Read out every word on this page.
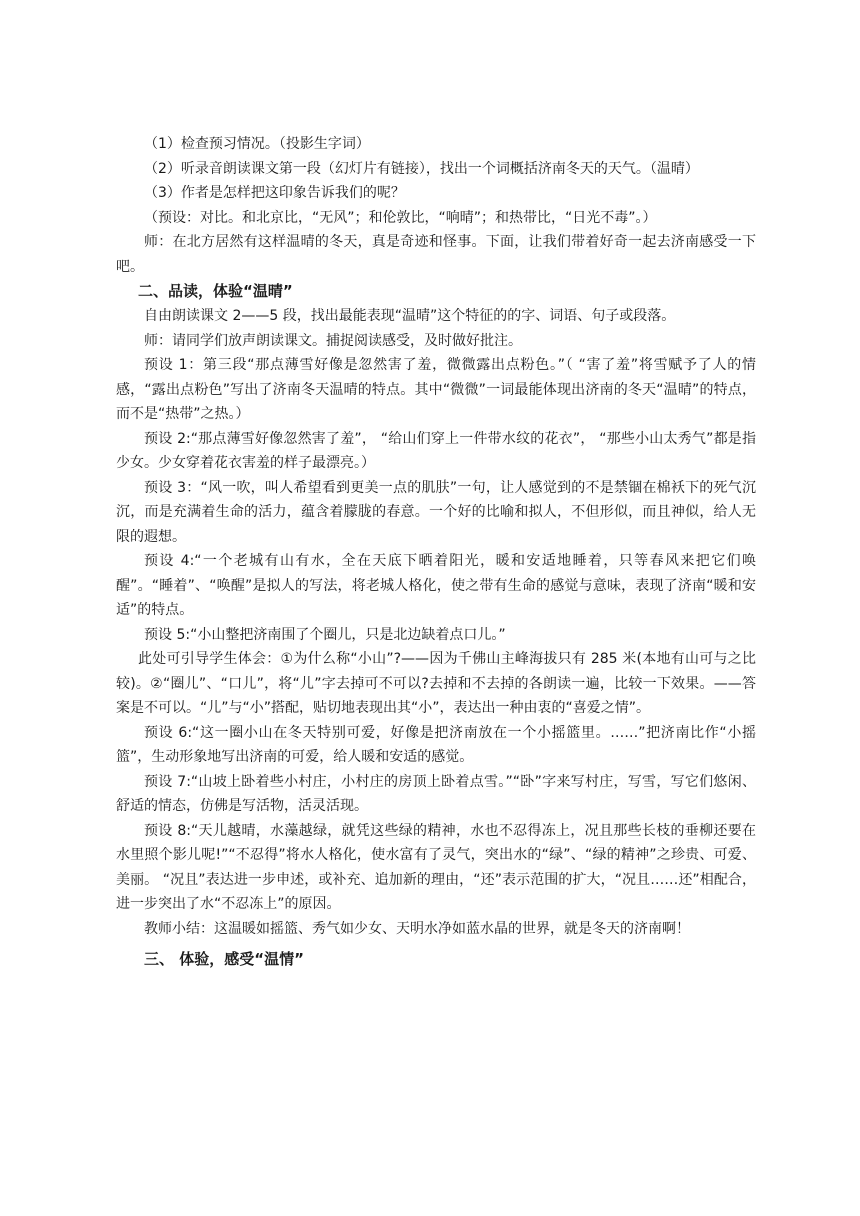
（1）检查预习情况。（投影生字词）

（2）听录音朗读课文第一段（幻灯片有链接），找出一个词概括济南冬天的天气。（温晴）

（3）作者是怎样把这印象告诉我们的呢？

（预设：对比。和北京比，“无风”；和伦敦比，“响晴”；和热带比，“日光不毒”。）

师：在北方居然有这样温晴的冬天，真是奇迹和怪事。下面，让我们带着好奇一起去济南感受一下吧。

二、品读，体验“温晴”

自由朗读课文 2——5 段，找出最能表现“温晴”这个特征的的字、词语、句子或段落。

师：请同学们放声朗读课文。捕捉阅读感受，及时做好批注。

预设 1：第三段“那点薄雪好像是忽然害了羞，微微露出点粉色。”（ “害了羞”将雪赋予了人的情感，“露出点粉色”写出了济南冬天温晴的特点。其中“微微”一词最能体现出济南的冬天“温晴”的特点，而不是“热带”之热。）

预设 2:“那点薄雪好像忽然害了羞”， “给山们穿上一件带水纹的花衣”， “那些小山太秀气”都是指少女。少女穿着花衣害羞的样子最漂亮。）

预设 3：“风一吹，叫人希望看到更美一点的肌肤”一句，让人感觉到的不是禁锢在棉袄下的死气沉沉，而是充满着生命的活力，蕴含着朦胧的春意。一个好的比喻和拟人，不但形似，而且神似，给人无限的遐想。

预设 4:“一个老城有山有水，全在天底下晒着阳光，暖和安适地睡着，只等春风来把它们唤醒”。“睡着”、“唤醒”是拟人的写法，将老城人格化，使之带有生命的感觉与意味，表现了济南“暖和安适”的特点。

预设 5:“小山整把济南围了个圈儿，只是北边缺着点口儿。”

此处可引导学生体会：①为什么称“小山”?——因为千佛山主峰海拔只有 285 米(本地有山可与之比较)。②“圈儿”、“口儿”，将“儿”字去掉可不可以?去掉和不去掉的各朗读一遍，比较一下效果。——答案是不可以。“儿”与“小”搭配，贴切地表现出其“小”，表达出一种由衷的“喜爱之情”。

预设 6:“这一圈小山在冬天特别可爱，好像是把济南放在一个小摇篮里。……”把济南比作“小摇篮”，生动形象地写出济南的可爱，给人暖和安适的感觉。

预设 7:“山坡上卧着些小村庄，小村庄的房顶上卧着点雪。”“卧”字来写村庄，写雪，写它们悠闲、舒适的情态，仿佛是写活物，活灵活现。

预设 8:“天儿越晴，水藻越绿，就凭这些绿的精神，水也不忍得冻上，况且那些长枝的垂柳还要在水里照个影儿呢!”“不忍得”将水人格化，使水富有了灵气，突出水的“绿”、“绿的精神”之珍贵、可爱、美丽。 “况且”表达进一步申述，或补充、追加新的理由，“还”表示范围的扩大，“况且……还”相配合，进一步突出了水“不忍冻上”的原因。

教师小结：这温暖如摇篮、秀气如少女、天明水净如蓝水晶的世界，就是冬天的济南啊！

三、 体验，感受“温情”
